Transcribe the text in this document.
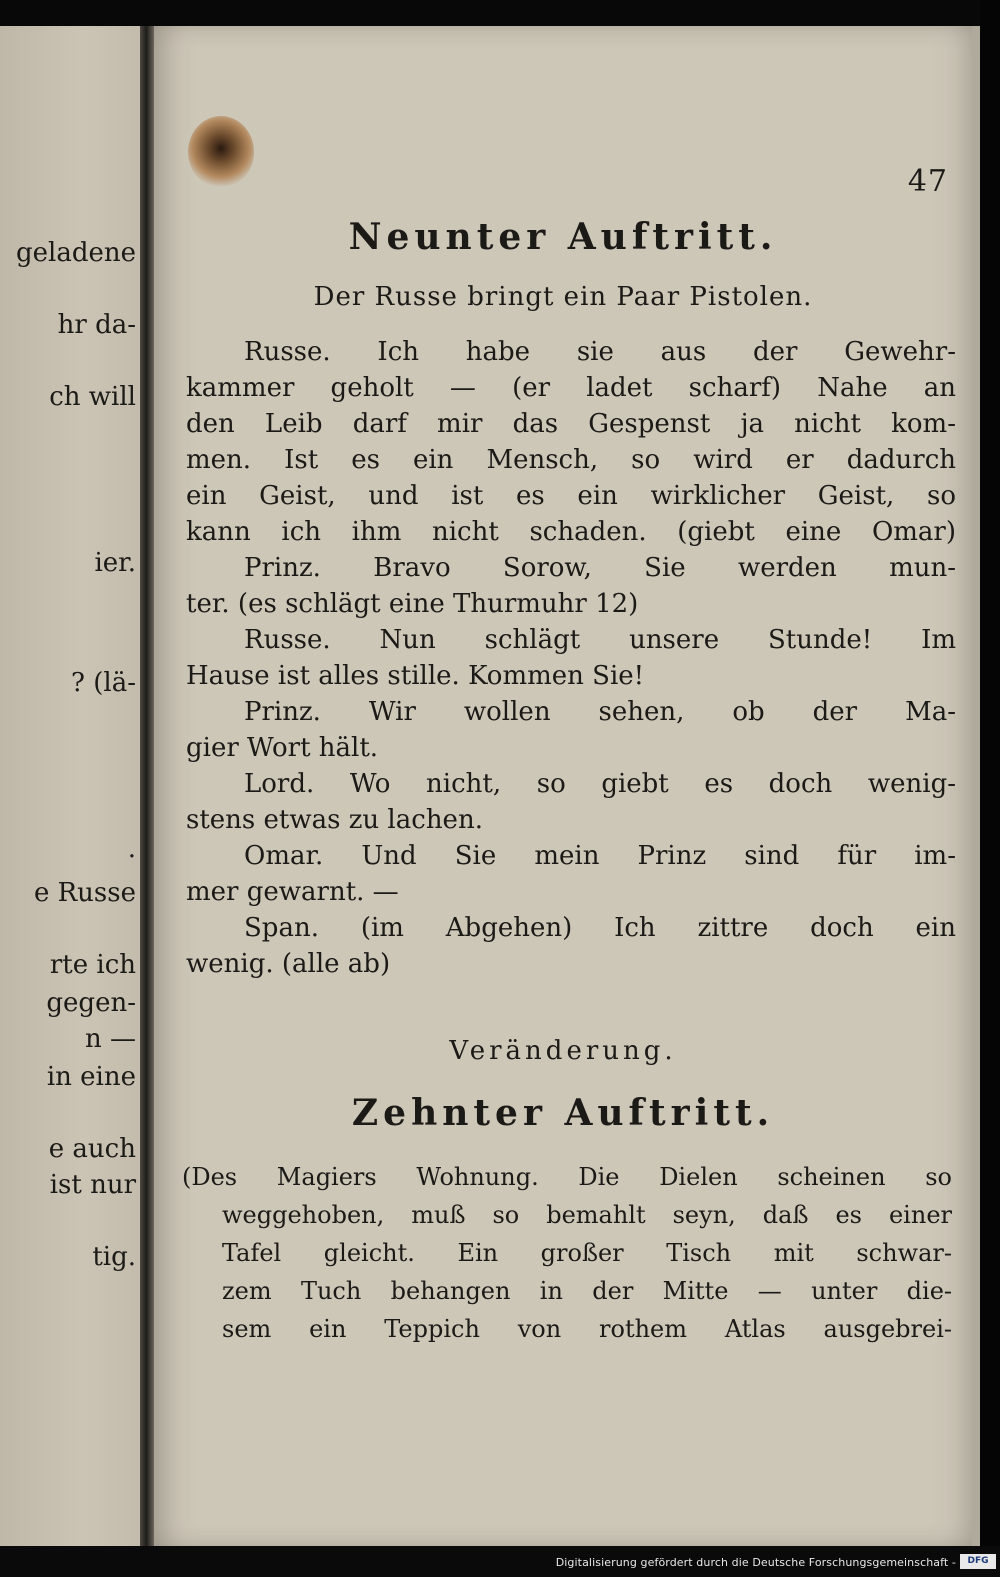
geladene
hr da-
ch will
ier.
? (lä-
.
e Russe
rte ich
gegen-
n —
in eine
e auch
ist nur
tig.
47
Neunter Auftritt.
Der Russe bringt ein Paar Pistolen.
Russe. Ich habe sie aus der Gewehr-
kammer geholt — (er ladet scharf) Nahe an
den Leib darf mir das Gespenst ja nicht kom-
men. Ist es ein Mensch, so wird er dadurch
ein Geist, und ist es ein wirklicher Geist, so
kann ich ihm nicht schaden. (giebt eine Omar)
Prinz. Bravo Sorow, Sie werden mun-
ter. (es schlägt eine Thurmuhr 12)
Russe. Nun schlägt unsere Stunde! Im
Hause ist alles stille. Kommen Sie!
Prinz. Wir wollen sehen, ob der Ma-
gier Wort hält.
Lord. Wo nicht, so giebt es doch wenig-
stens etwas zu lachen.
Omar. Und Sie mein Prinz sind für im-
mer gewarnt. —
Span. (im Abgehen) Ich zittre doch ein
wenig. (alle ab)
Veränderung.
Zehnter Auftritt.
(Des Magiers Wohnung. Die Dielen scheinen so
weggehoben, muß so bemahlt seyn, daß es einer
Tafel gleicht. Ein großer Tisch mit schwar-
zem Tuch behangen in der Mitte — unter die-
sem ein Teppich von rothem Atlas ausgebrei-
Digitalisierung gefördert durch die Deutsche Forschungsgemeinschaft -	DFG
